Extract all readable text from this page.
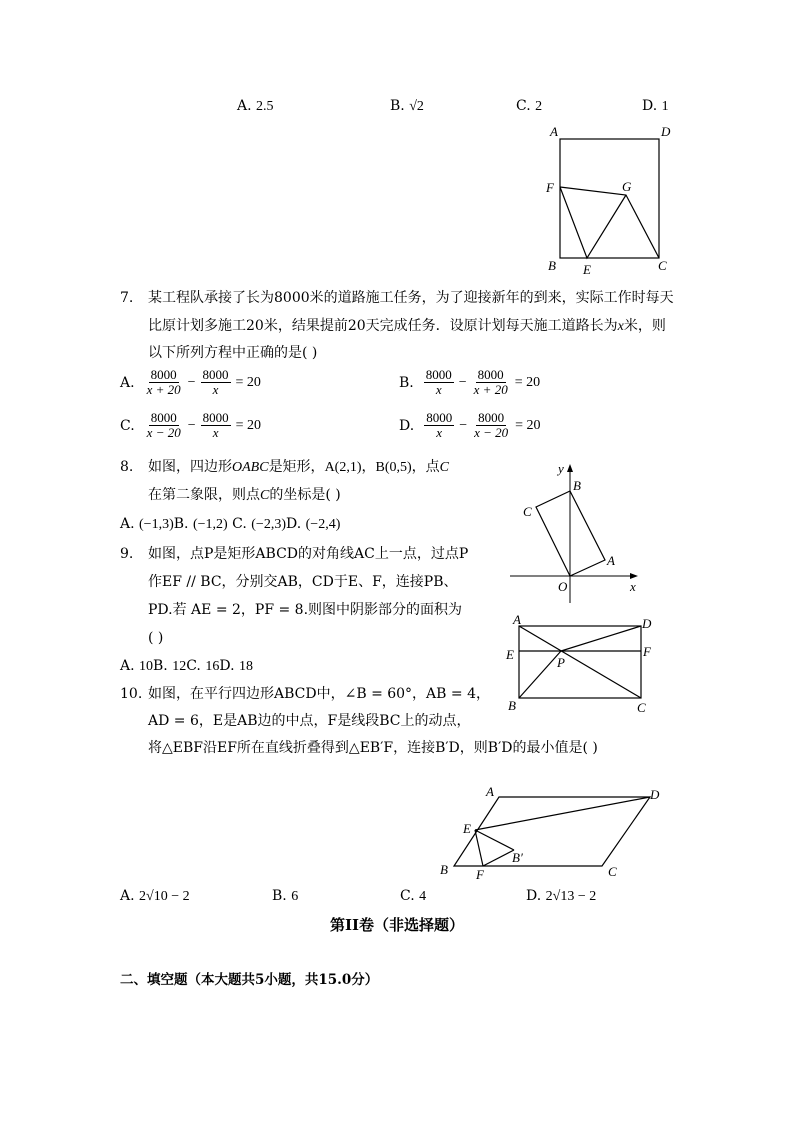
A. 2.5	B. √2	C. 2	D. 1
A	D
F	G
B E	C
7. 某工程队承接了长为8000米的道路施工任务，为了迎接新年的到来，实际工作时每天
比原计划多施工20米，结果提前20天完成任务．设原计划每天施工道路长为x米，则
以下所列方程中正确的是( )
A. $\frac{8000}{x + 20} - \frac{8000}{x} = 20$	B. $\frac{8000}{x} - \frac{8000}{x + 20} = 20$
C. $\frac{8000}{x - 20} - \frac{8000}{x} = 20$	D. $\frac{8000}{x} - \frac{8000}{x - 20} = 20$
8. 如图，四边形OABC是矩形，A(2,1)，B(0,5)，点C
在第二象限，则点C的坐标是( )
A. (−1,3)B. (−1,2) C. (−2,3)D. (−2,4)
y
x
B
C
A
O
9. 如图，点P是矩形ABCD的对角线AC上一点，过点P
作EF // BC，分别交AB，CD于E、F，连接PB、
PD.若 AE = 2，PF = 8.则图中阴影部分的面积为
( )
A. 10B. 12C. 16D. 18
A	D
E	F
P
B	C
10. 如图，在平行四边形ABCD中，∠B = 60°，AB = 4，
AD = 6，E是AB边的中点，F是线段BC上的动点，
将△EBF沿EF所在直线折叠得到△EB′F，连接B′D，则B′D的最小值是( )
A	D
E
B′
B F	C
A. 2√10 − 2	B. 6	C. 4	D. 2√13 − 2
第II卷（非选择题）
二、填空题（本大题共5小题，共15.0分）
